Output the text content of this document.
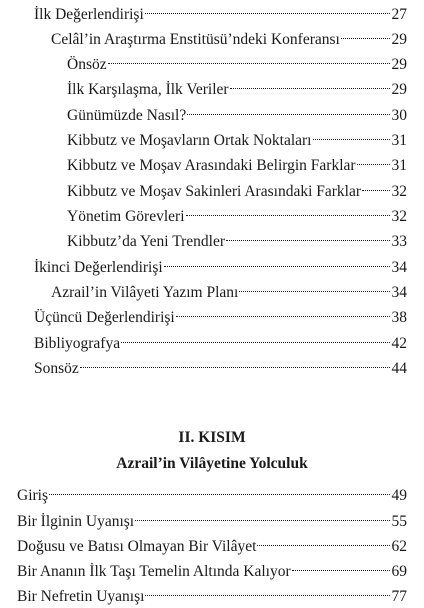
İlk Değerlendirişi	27
Celâl’in Araştırma Enstitüsü’ndeki Konferansı	29
Önsöz	29
İlk Karşılaşma, İlk Veriler	29
Günümüzde Nasıl?	30
Kibbutz ve Moşavların Ortak Noktaları	31
Kibbutz ve Moşav Arasındaki Belirgin Farklar 31
Kibbutz ve Moşav Sakinleri Arasındaki Farklar 32
Yönetim Görevleri	32
Kibbutz’da Yeni Trendler	33
İkinci Değerlendirişi	34
Azrail’in Vilâyeti Yazım Planı	34
Üçüncü Değerlendirişi	38
Bibliyografya	42
Sonsöz	44
II. KISIM
Azrail’in Vilâyetine Yolculuk
Giriş	49
Bir İlginin Uyanışı	55
Doğusu ve Batısı Olmayan Bir Vilâyet	62
Bir Ananın İlk Taşı Temelin Altında Kalıyor	69
Bir Nefretin Uyanışı	77
